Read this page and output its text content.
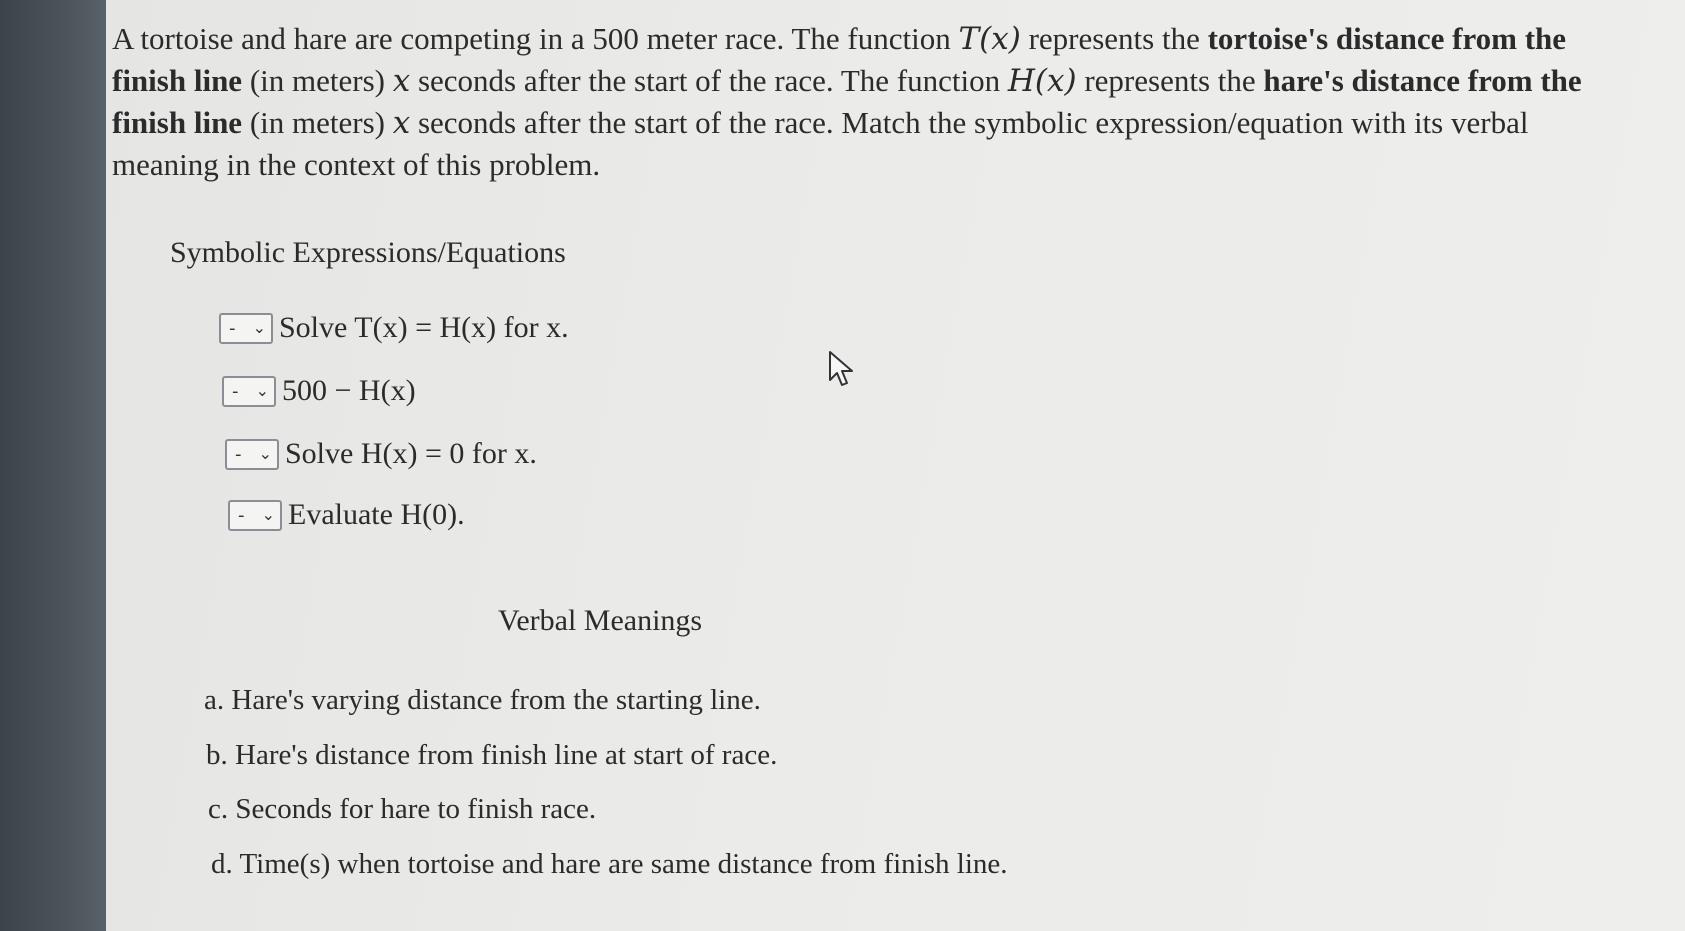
A tortoise and hare are competing in a 500 meter race. The function T(x) represents the tortoise's distance from the finish line (in meters) x seconds after the start of the race. The function H(x) represents the hare's distance from the finish line (in meters) x seconds after the start of the race. Match the symbolic expression/equation with its verbal meaning in the context of this problem.

Symbolic Expressions/Equations
- ⌄ Solve T(x) = H(x) for x.
- ⌄ 500 − H(x)
- ⌄ Solve H(x) = 0 for x.
- ⌄ Evaluate H(0).
Verbal Meanings
a. Hare's varying distance from the starting line.
b. Hare's distance from finish line at start of race.
c. Seconds for hare to finish race.
d. Time(s) when tortoise and hare are same distance from finish line.
